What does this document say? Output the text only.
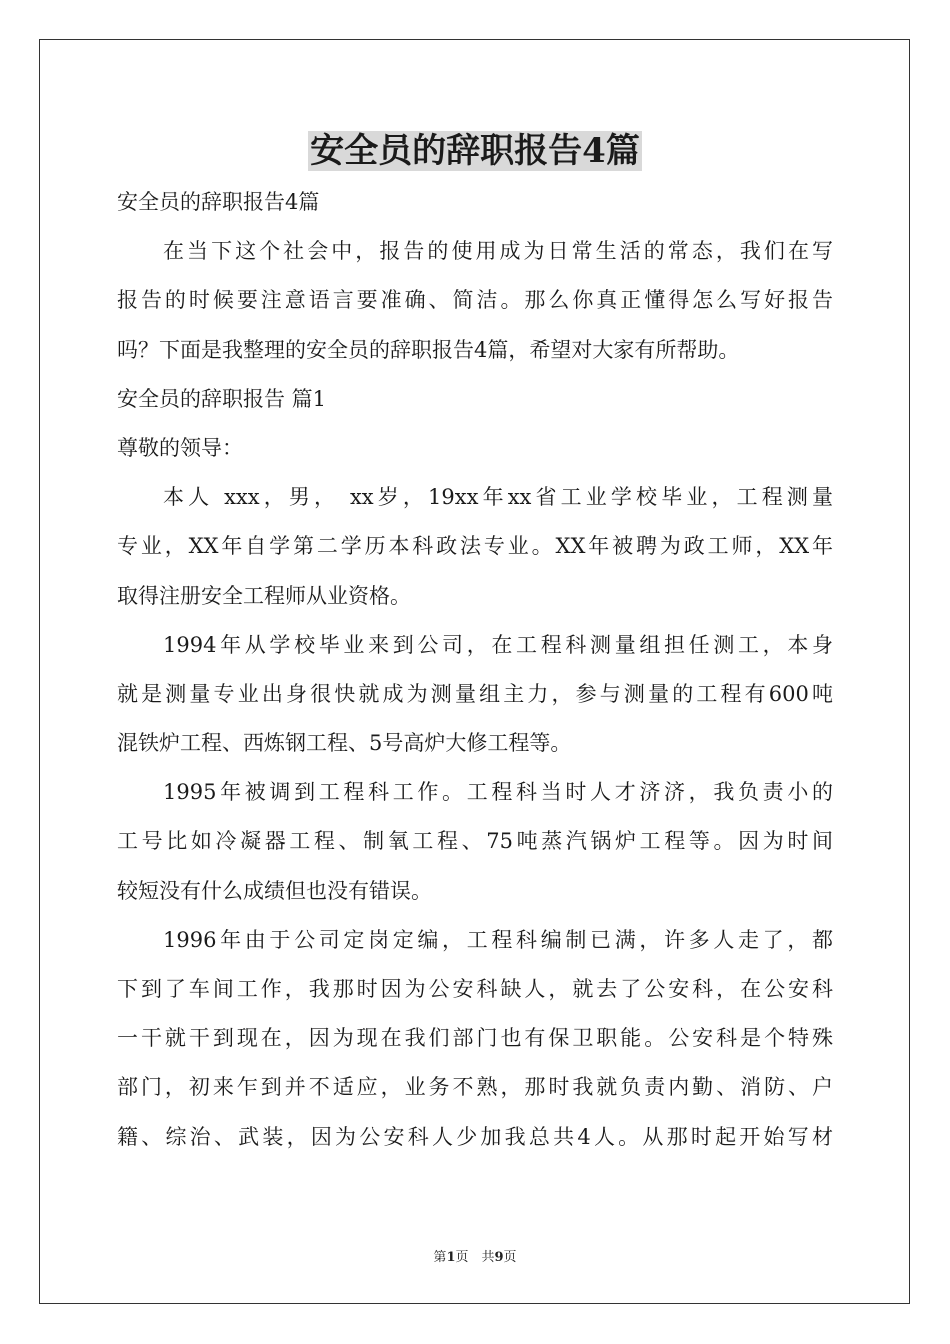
安全员的辞职报告4篇
安全员的辞职报告4篇
在当下这个社会中，报告的使用成为日常生活的常态，我们在写
报告的时候要注意语言要准确、简洁。那么你真正懂得怎么写好报告
吗？下面是我整理的安全员的辞职报告4篇，希望对大家有所帮助。
安全员的辞职报告 篇1
尊敬的领导：
本人 xxx，男， xx岁，19xx年xx省工业学校毕业，工程测量
专业，XX年自学第二学历本科政法专业。XX年被聘为政工师，XX年
取得注册安全工程师从业资格。
1994年从学校毕业来到公司，在工程科测量组担任测工，本身
就是测量专业出身很快就成为测量组主力，参与测量的工程有600吨
混铁炉工程、西炼钢工程、5号高炉大修工程等。
1995年被调到工程科工作。工程科当时人才济济，我负责小的
工号比如冷凝器工程、制氧工程、75吨蒸汽锅炉工程等。因为时间
较短没有什么成绩但也没有错误。
1996年由于公司定岗定编，工程科编制已满，许多人走了，都
下到了车间工作，我那时因为公安科缺人，就去了公安科，在公安科
一干就干到现在，因为现在我们部门也有保卫职能。公安科是个特殊
部门，初来乍到并不适应，业务不熟，那时我就负责内勤、消防、户
籍、综治、武装，因为公安科人少加我总共4人。从那时起开始写材
第1页　共9页
